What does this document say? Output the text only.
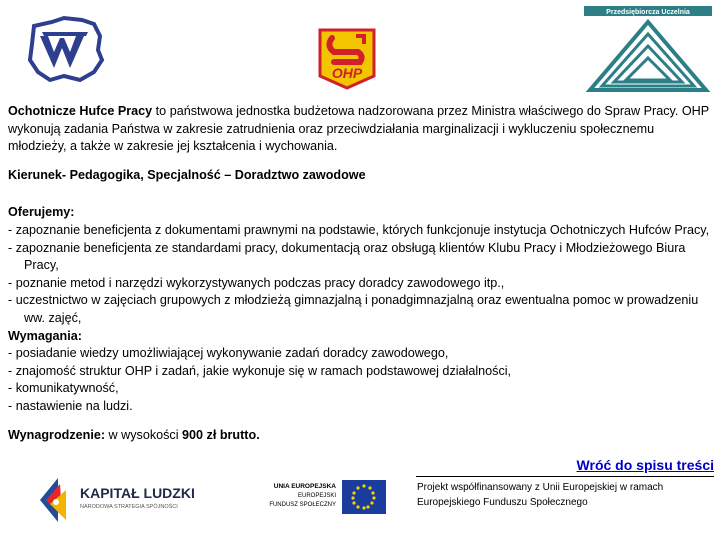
OHP
Przedsiębiorcza Uczelnia

Ochotnicze Hufce Pracy to państwowa jednostka budżetowa nadzorowana przez Ministra właściwego do Spraw Pracy. OHP wykonują zadania Państwa w zakresie zatrudnienia oraz przeciwdziałania marginalizacji i wykluczeniu społecznemu młodzieży, a także w zakresie jej kształcenia i wychowania.

Kierunek- Pedagogika, Specjalność – Doradztwo zawodowe

Oferujemy:

- zapoznanie beneficjenta z dokumentami prawnymi na podstawie, których funkcjonuje instytucja Ochotniczych Hufców Pracy,

- zapoznanie beneficjenta ze standardami pracy, dokumentacją oraz obsługą klientów Klubu Pracy i Młodzieżowego Biura Pracy,

- poznanie metod i narzędzi wykorzystywanych podczas pracy doradcy zawodowego itp.,

- uczestnictwo w zajęciach grupowych z młodzieżą gimnazjalną i ponadgimnazjalną oraz ewentualna pomoc w prowadzeniu ww. zajęć,

Wymagania:

- posiadanie wiedzy umożliwiającej wykonywanie zadań doradcy zawodowego,

- znajomość struktur OHP i zadań, jakie wykonuje się w ramach podstawowej działalności,

- komunikatywność,

- nastawienie na ludzi.

Wynagrodzenie: w wysokości 900 zł brutto.

Wróć do spisu treści
KAPITAŁ LUDZKI
NARODOWA STRATEGIA SPÓJNOŚCI
UNIA EUROPEJSKA
EUROPEJSKI
FUNDUSZ SPOŁECZNY
Projekt współfinansowany z Unii Europejskiej w ramach Europejskiego Funduszu Społecznego
